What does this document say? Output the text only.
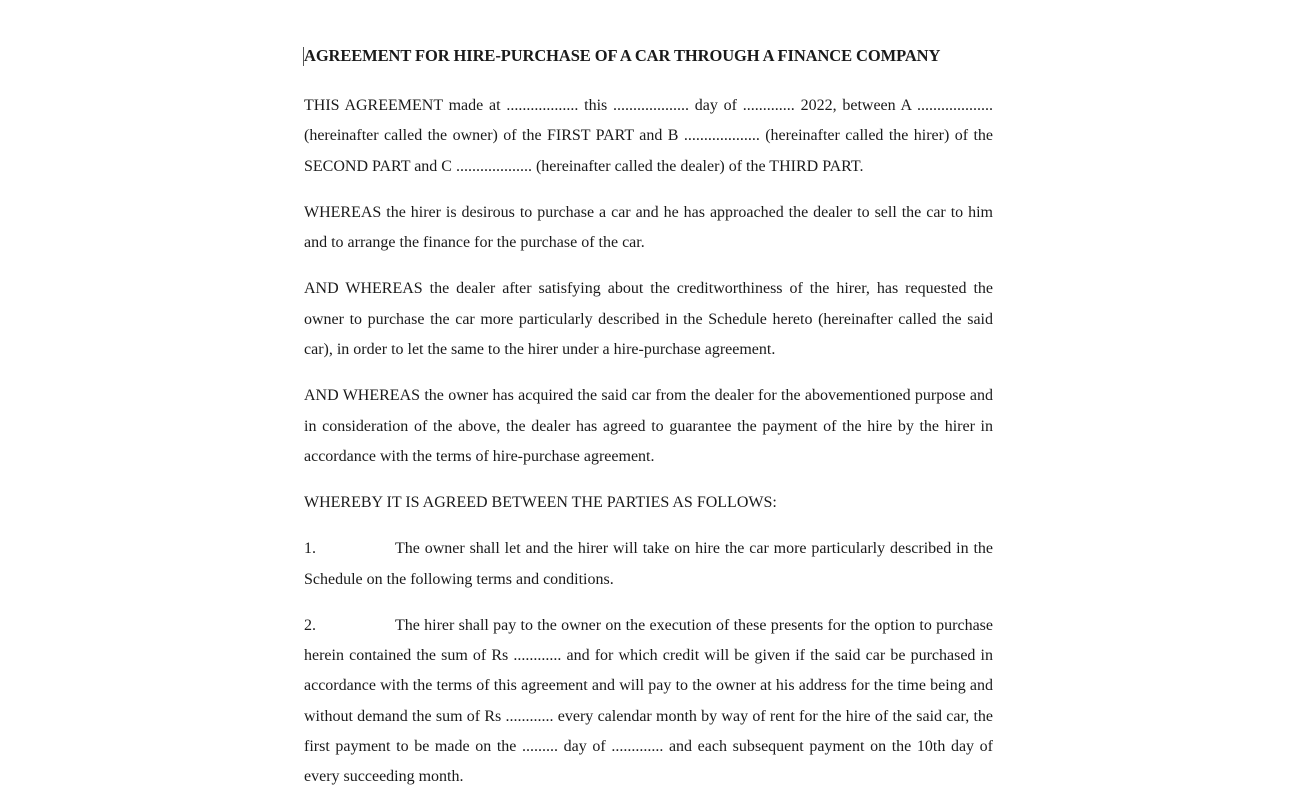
AGREEMENT FOR HIRE-PURCHASE OF A CAR THROUGH A FINANCE COMPANY

THIS AGREEMENT made at .................. this ................... day of ............. 2022, between A ................... (hereinafter called the owner) of the FIRST PART and B ................... (hereinafter called the hirer) of the SECOND PART and C ................... (hereinafter called the dealer) of the THIRD PART.

WHEREAS the hirer is desirous to purchase a car and he has approached the dealer to sell the car to him and to arrange the finance for the purchase of the car.

AND WHEREAS the dealer after satisfying about the creditworthiness of the hirer, has requested the owner to purchase the car more particularly described in the Schedule hereto (hereinafter called the said car), in order to let the same to the hirer under a hire-purchase agreement.

AND WHEREAS the owner has acquired the said car from the dealer for the abovementioned purpose and in consideration of the above, the dealer has agreed to guarantee the payment of the hire by the hirer in accordance with the terms of hire-purchase agreement.

WHEREBY IT IS AGREED BETWEEN THE PARTIES AS FOLLOWS:

1.	The owner shall let and the hirer will take on hire the car more particularly described in the Schedule on the following terms and conditions.

2.	The hirer shall pay to the owner on the execution of these presents for the option to purchase herein contained the sum of Rs ............ and for which credit will be given if the said car be purchased in accordance with the terms of this agreement and will pay to the owner at his address for the time being and without demand the sum of Rs ............ every calendar month by way of rent for the hire of the said car, the first payment to be made on the ......... day of ............. and each subsequent payment on the 10th day of every succeeding month.
